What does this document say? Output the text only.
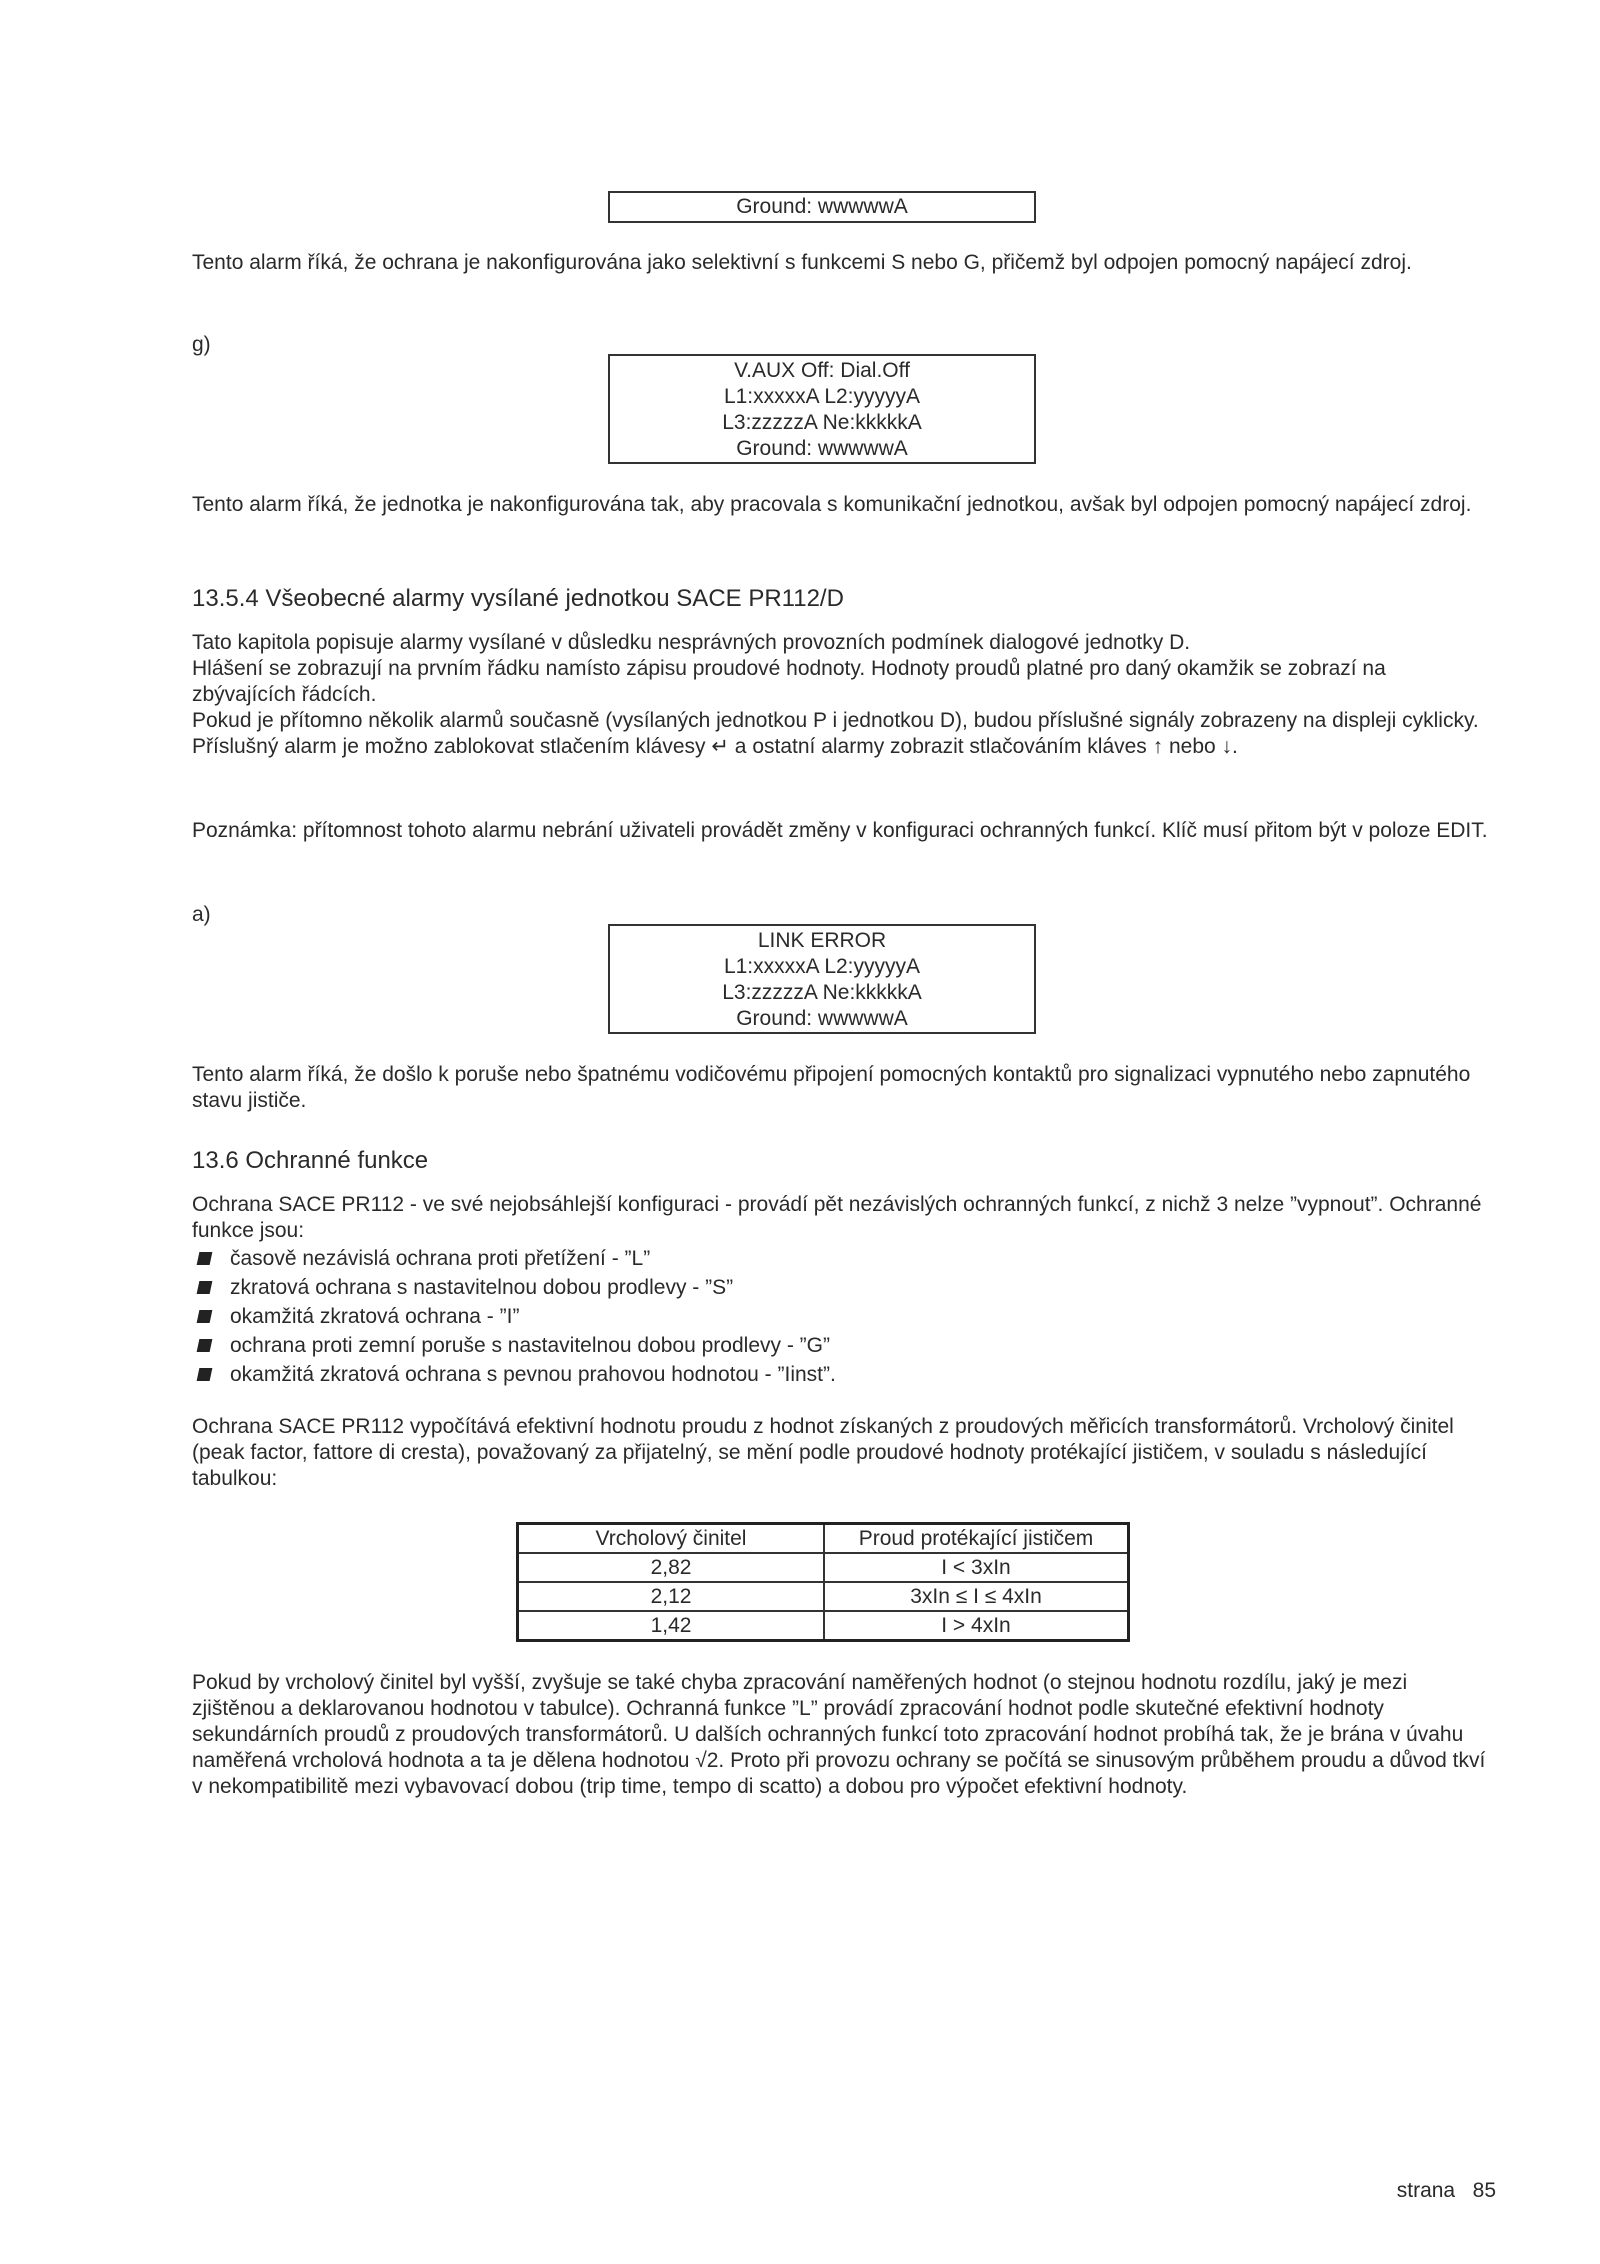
Ground: wwwwwA
Tento alarm říká, že ochrana je nakonfigurována jako selektivní s funkcemi S nebo G, přičemž byl odpojen pomocný napájecí zdroj.
g)
V.AUX Off: Dial.Off
L1:xxxxxA L2:yyyyyA
L3:zzzzzA Ne:kkkkkA
Ground: wwwwwA
Tento alarm říká, že jednotka je nakonfigurována tak, aby pracovala s komunikační jednotkou, avšak byl odpojen pomocný napájecí zdroj.
13.5.4 Všeobecné alarmy vysílané jednotkou SACE PR112/D
Tato kapitola popisuje alarmy vysílané v důsledku nesprávných provozních podmínek dialogové jednotky D.
Hlášení se zobrazují na prvním řádku namísto zápisu proudové hodnoty. Hodnoty proudů platné pro daný okamžik se zobrazí na zbývajících řádcích.
Pokud je přítomno několik alarmů současně (vysílaných jednotkou P i jednotkou D), budou příslušné signály zobrazeny na displeji cyklicky. Příslušný alarm je možno zablokovat stlačením klávesy ↵ a ostatní alarmy zobrazit stlačováním kláves ↑ nebo ↓.
Poznámka: přítomnost tohoto alarmu nebrání uživateli provádět změny v konfiguraci ochranných funkcí. Klíč musí přitom být v poloze EDIT.
a)
LINK ERROR
L1:xxxxxA L2:yyyyyA
L3:zzzzzA Ne:kkkkkA
Ground: wwwwwA
Tento alarm říká, že došlo k poruše nebo špatnému vodičovému připojení pomocných kontaktů pro signalizaci vypnutého nebo zapnutého stavu jističe.
13.6 Ochranné funkce
Ochrana SACE PR112 - ve své nejobsáhlejší konfiguraci - provádí pět nezávislých ochranných funkcí, z nichž 3 nelze ”vypnout”. Ochranné funkce jsou:
časově nezávislá ochrana proti přetížení - ”L”
zkratová ochrana s nastavitelnou dobou prodlevy - ”S”
okamžitá zkratová ochrana - ”I”
ochrana proti zemní poruše s nastavitelnou dobou prodlevy - ”G”
okamžitá zkratová ochrana s pevnou prahovou hodnotou - ”Iinst”.
Ochrana SACE PR112 vypočítává efektivní hodnotu proudu z hodnot získaných z proudových měřicích transformátorů. Vrcholový činitel (peak factor, fattore di cresta), považovaný za přijatelný, se mění podle proudové hodnoty protékající jističem, v souladu s následující tabulkou:
Vrcholový činitel	Proud protékající jističem
2,82	I < 3xIn
2,12	3xIn ≤ I ≤ 4xIn
1,42	I > 4xIn
Pokud by vrcholový činitel byl vyšší, zvyšuje se také chyba zpracování naměřených hodnot (o stejnou hodnotu rozdílu, jaký je mezi zjištěnou a deklarovanou hodnotou v tabulce). Ochranná funkce ”L” provádí zpracování hodnot podle skutečné efektivní hodnoty sekundárních proudů z proudových transformátorů. U dalších ochranných funkcí toto zpracování hodnot probíhá tak, že je brána v úvahu naměřená vrcholová hodnota a ta je dělena hodnotou √2. Proto při provozu ochrany se počítá se sinusovým průběhem proudu a důvod tkví v nekompatibilitě mezi vybavovací dobou (trip time, tempo di scatto) a dobou pro výpočet efektivní hodnoty.
strana 85
